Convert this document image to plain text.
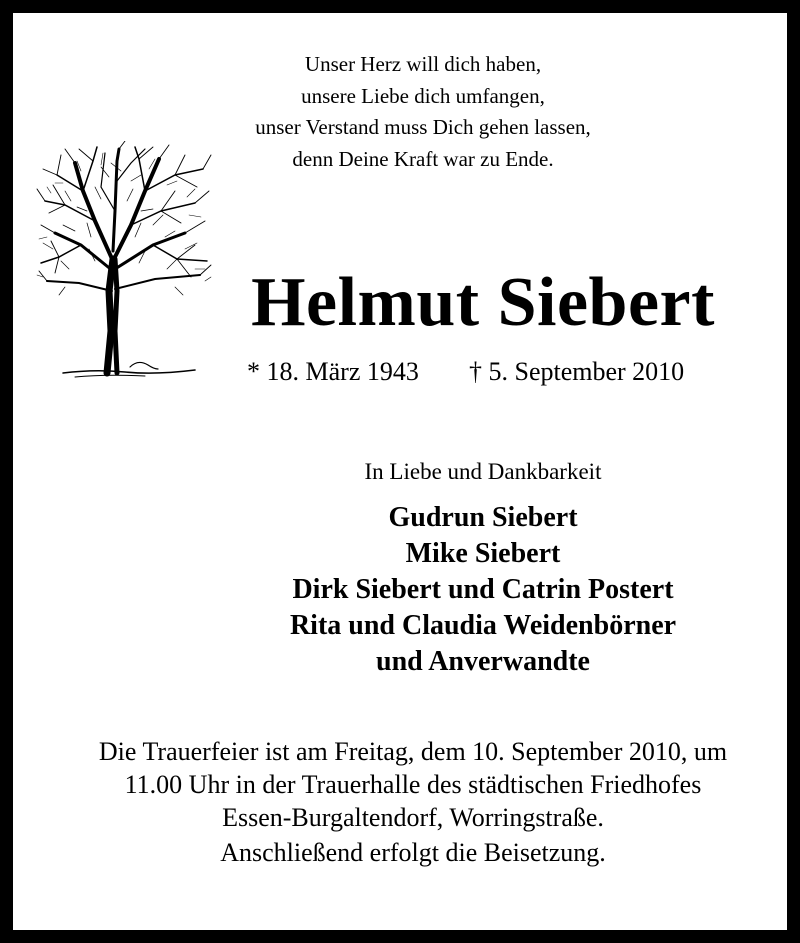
Unser Herz will dich haben,
unsere Liebe dich umfangen,
unser Verstand muss Dich gehen lassen,
denn Deine Kraft war zu Ende.
Helmut Siebert
* 18. März 1943 † 5. September 2010
In Liebe und Dankbarkeit
Gudrun Siebert
Mike Siebert
Dirk Siebert und Catrin Postert
Rita und Claudia Weidenbörner
und Anverwandte
Die Trauerfeier ist am Freitag, dem 10. September 2010, um
11.00 Uhr in der Trauerhalle des städtischen Friedhofes
Essen-Burgaltendorf, Worringstraße.
Anschließend erfolgt die Beisetzung.
